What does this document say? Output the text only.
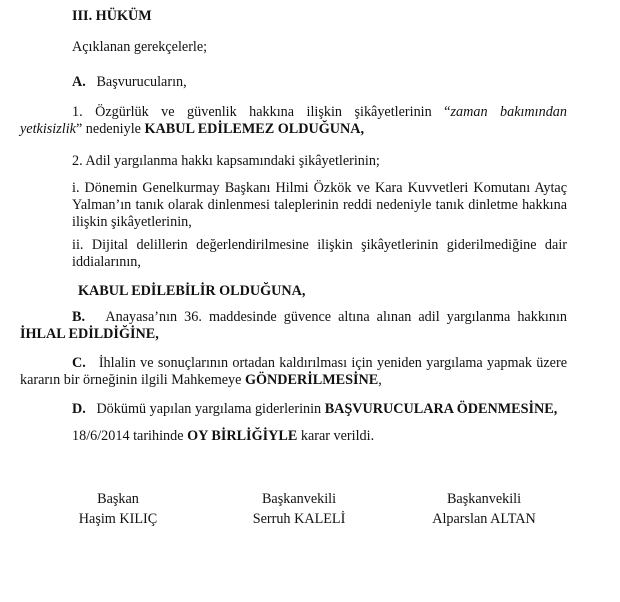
III. HÜKÜM
Açıklanan gerekçelerle;
A. Başvurucuların,
1. Özgürlük ve güvenlik hakkına ilişkin şikâyetlerinin “zaman bakımından
yetkisizlik” nedeniyle KABUL EDİLEMEZ OLDUĞUNA,
2. Adil yargılanma hakkı kapsamındaki şikâyetlerinin;
i. Dönemin Genelkurmay Başkanı Hilmi Özkök ve Kara Kuvvetleri Komutanı Aytaç
Yalman’ın tanık olarak dinlenmesi taleplerinin reddi nedeniyle tanık dinletme hakkına
ilişkin şikâyetlerinin,
ii. Dijital delillerin değerlendirilmesine ilişkin şikâyetlerinin giderilmediğine dair
iddialarının,
KABUL EDİLEBİLİR OLDUĞUNA,
B. Anayasa’nın 36. maddesinde güvence altına alınan adil yargılanma hakkının
İHLAL EDİLDİĞİNE,
C. İhlalin ve sonuçlarının ortadan kaldırılması için yeniden yargılama yapmak üzere
kararın bir örneğinin ilgili Mahkemeye GÖNDERİLMESİNE,
D. Dökümü yapılan yargılama giderlerinin BAŞVURUCULARA ÖDENMESİNE,
18/6/2014 tarihinde OY BİRLİĞİYLE karar verildi.
Başkan
Haşim KILIÇ
Başkanvekili
Serruh KALELİ
Başkanvekili
Alparslan ALTAN
